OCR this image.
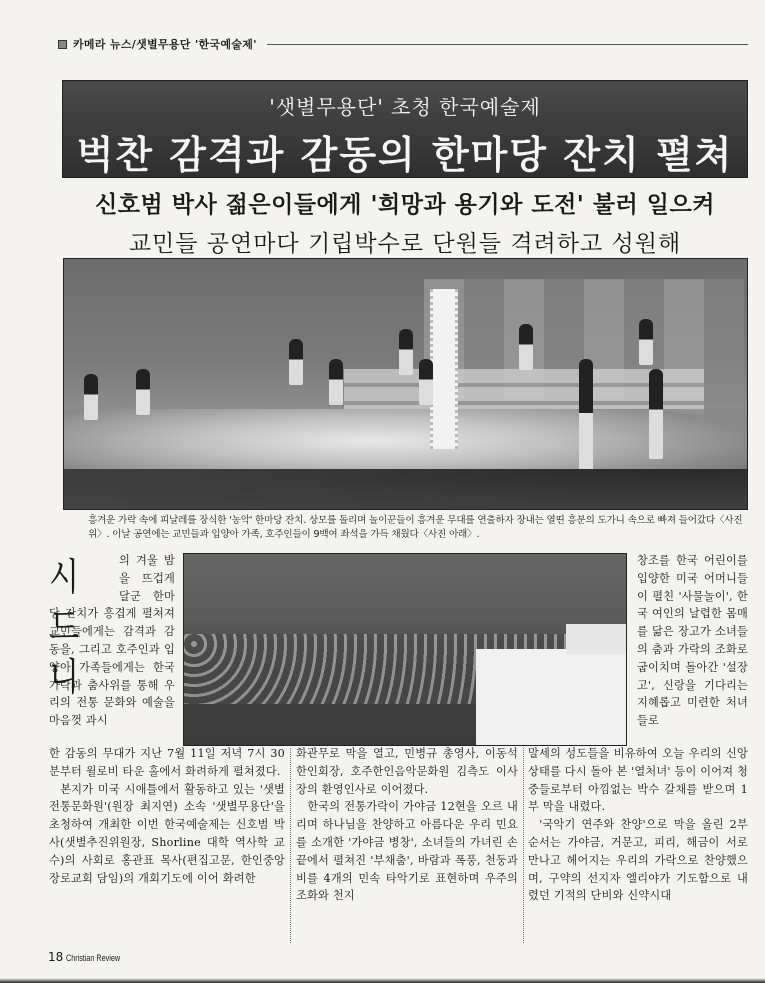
카메라 뉴스/샛별무용단 '한국예술제'
'샛별무용단' 초청 한국예술제
벅찬 감격과 감동의 한마당 잔치 펼쳐
신호범 박사 젊은이들에게 '희망과 용기와 도전' 불러 일으켜
교민들 공연마다 기립박수로 단원들 격려하고 성원해
흥겨운 가락 속에 피날레를 장식한 '농악' 한마당 잔치. 상모를 돌리며 놀이꾼들이 흥겨운 무대를 연출하자 장내는 열띤 흥분의 도가니 속으로 빠져 들어갔다〈사진 위〉. 이날 공연에는 교민들과 입양아 가족, 호주인들이 9백여 좌석을 가득 채웠다〈사진 아래〉.
시드니
의 겨울 밤을 뜨겁게 달군 한마당 잔치가 흥겹게 펼쳐져 교민들에게는 감격과 감동을, 그리고 호주인과 입양아 가족들에게는 한국 가락과 춤사위를 통해 우리의 전통 문화와 예술을 마음껏 과시
창조를 한국 어린이를 입양한 미국 어머니들이 펼친 '사물놀이', 한국 여인의 날렵한 몸매를 닮은 장고가 소녀들의 춤과 가락의 조화로 굽이치며 돌아간 '설장고', 신랑을 기다리는 지혜롭고 미련한 처녀들로

한 감동의 무대가 지난 7월 11일 저녁 7시 30분부터 윌로비 타운 홀에서 화려하게 펼쳐졌다.

본지가 미국 시애틀에서 활동하고 있는 '샛별전통문화원'(원장 최지연) 소속 '샛별무용단'을 초청하여 개최한 이번 한국예술제는 신호범 박사(샛별추진위원장, Shorline 대학 역사학 교수)의 사회로 홍관표 목사(편집고문, 한인중앙장로교회 담임)의 개회기도에 이어 화려한

화관무로 막을 열고, 민병규 총영사, 이동석 한인회장, 호주한인음악문화원 김측도 이사장의 환영인사로 이어졌다.

한국의 전통가락이 가야금 12현을 오르 내리며 하나님을 찬양하고 아름다운 우리 민요를 소개한 '가야금 병창', 소녀들의 가녀린 손끝에서 펼쳐진 '부채춤', 바람과 폭풍, 천둥과 비를 4개의 민속 타악기로 표현하며 우주의 조화와 천지

말세의 성도들을 비유하여 오늘 우리의 신앙상태를 다시 돌아 본 '열처녀' 등이 이어져 청중들로부터 아낌없는 박수 갈채를 받으며 1부 막을 내렸다.

'국악기 연주와 찬양'으로 막을 올린 2부 순서는 가야금, 거문고, 피리, 해금이 서로 만나고 헤어지는 우리의 가락으로 찬양했으며, 구약의 선지자 엘리야가 기도함으로 내렸던 기적의 단비와 신약시대

18 Christian Review
